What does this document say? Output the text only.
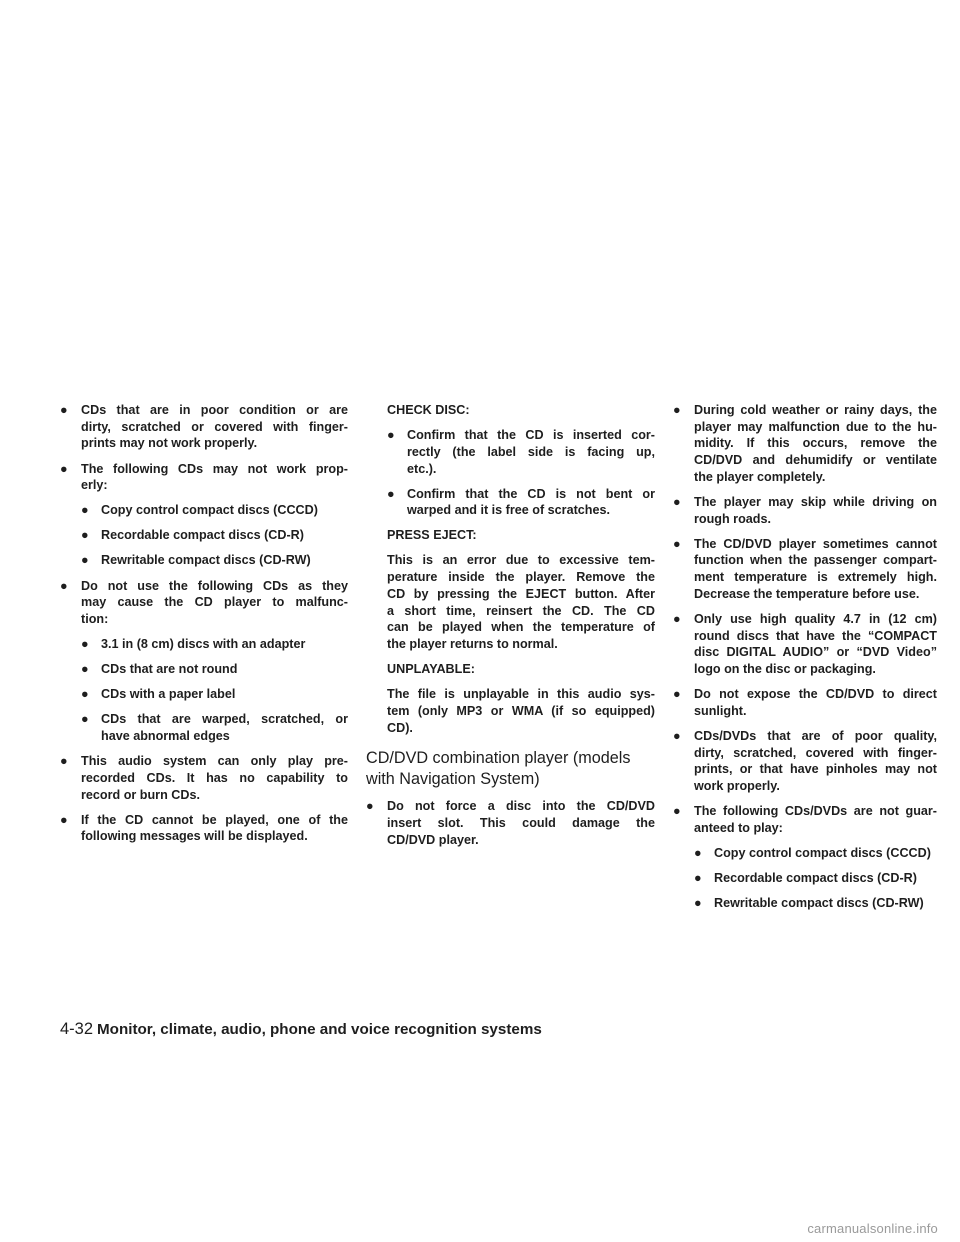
● CDs that are in poor condition or are
dirty, scratched or covered with finger-
prints may not work properly.
● The following CDs may not work prop-
erly:
● Copy control compact discs (CCCD)
● Recordable compact discs (CD-R)
● Rewritable compact discs (CD-RW)
● Do not use the following CDs as they
may cause the CD player to malfunc-
tion:
● 3.1 in (8 cm) discs with an adapter
● CDs that are not round
● CDs with a paper label
● CDs that are warped, scratched, or
have abnormal edges
● This audio system can only play pre-
recorded CDs. It has no capability to
record or burn CDs.
● If the CD cannot be played, one of the
following messages will be displayed.
CHECK DISC:
● Confirm that the CD is inserted cor-
rectly (the label side is facing up,
etc.).
● Confirm that the CD is not bent or
warped and it is free of scratches.
PRESS EJECT:
This is an error due to excessive tem-
perature inside the player. Remove the
CD by pressing the EJECT button. After
a short time, reinsert the CD. The CD
can be played when the temperature of
the player returns to normal.
UNPLAYABLE:
The file is unplayable in this audio sys-
tem (only MP3 or WMA (if so equipped)
CD).
CD/DVD combination player (models
with Navigation System)
● Do not force a disc into the CD/DVD
insert slot. This could damage the
CD/DVD player.
● During cold weather or rainy days, the
player may malfunction due to the hu-
midity. If this occurs, remove the
CD/DVD and dehumidify or ventilate
the player completely.
● The player may skip while driving on
rough roads.
● The CD/DVD player sometimes cannot
function when the passenger compart-
ment temperature is extremely high.
Decrease the temperature before use.
● Only use high quality 4.7 in (12 cm)
round discs that have the “COMPACT
disc DIGITAL AUDIO” or “DVD Video”
logo on the disc or packaging.
● Do not expose the CD/DVD to direct
sunlight.
● CDs/DVDs that are of poor quality,
dirty, scratched, covered with finger-
prints, or that have pinholes may not
work properly.
● The following CDs/DVDs are not guar-
anteed to play:
● Copy control compact discs (CCCD)
● Recordable compact discs (CD-R)
● Rewritable compact discs (CD-RW)
4-32 Monitor, climate, audio, phone and voice recognition systems
carmanualsonline.info
